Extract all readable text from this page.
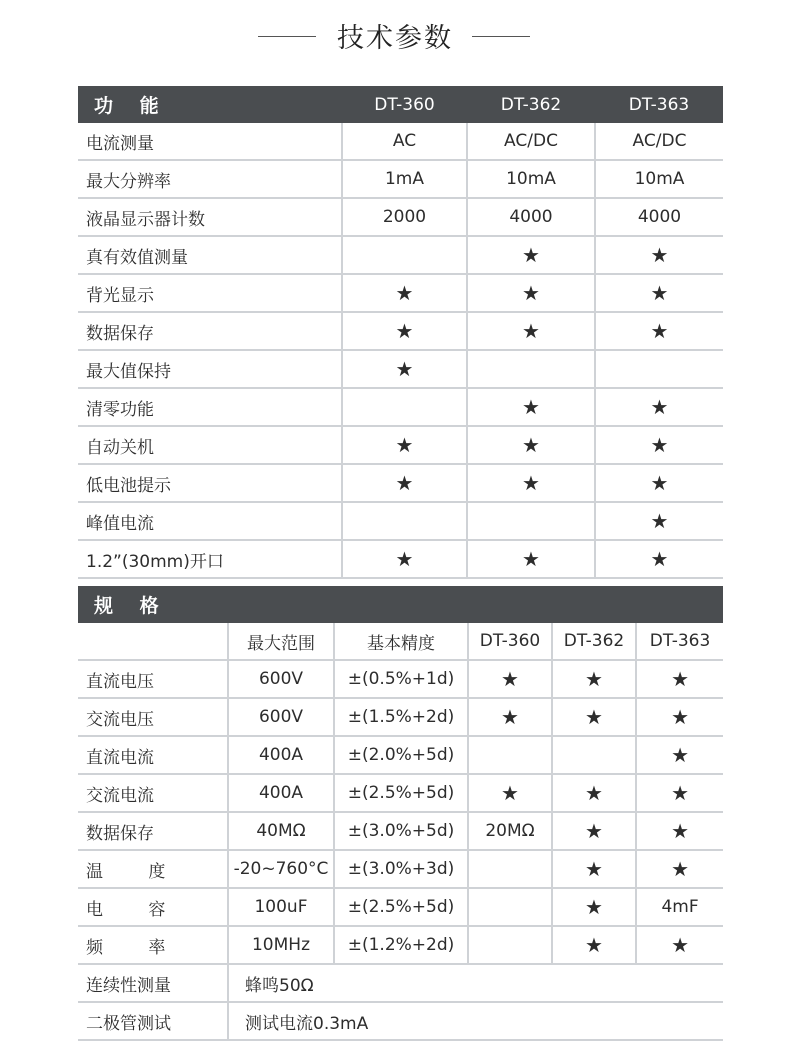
技术参数
功 能	DT-360	DT-362	DT-363
电流测量	AC	AC/DC	AC/DC
最大分辨率	1mA	10mA	10mA
液晶显示器计数	2000	4000	4000
真有效值测量		★	★
背光显示	★	★	★
数据保存	★	★	★
最大值保持	★		
清零功能		★	★
自动关机	★	★	★
低电池提示	★	★	★
峰值电流			★
1.2”(30mm)开口	★	★	★
规 格					
	最大范围	基本精度	DT-360	DT-362	DT-363
直流电压	600V	±(0.5%+1d)	★	★	★
交流电压	600V	±(1.5%+2d)	★	★	★
直流电流	400A	±(2.0%+5d)			★
交流电流	400A	±(2.5%+5d)	★	★	★
数据保存	40MΩ	±(3.0%+5d)	20MΩ	★	★
温 度	-20~760°C	±(3.0%+3d)		★	★
电 容	100uF	±(2.5%+5d)		★	4mF
频 率	10MHz	±(1.2%+2d)		★	★
连续性测量	蜂鸣50Ω				
二极管测试	测试电流0.3mA				
